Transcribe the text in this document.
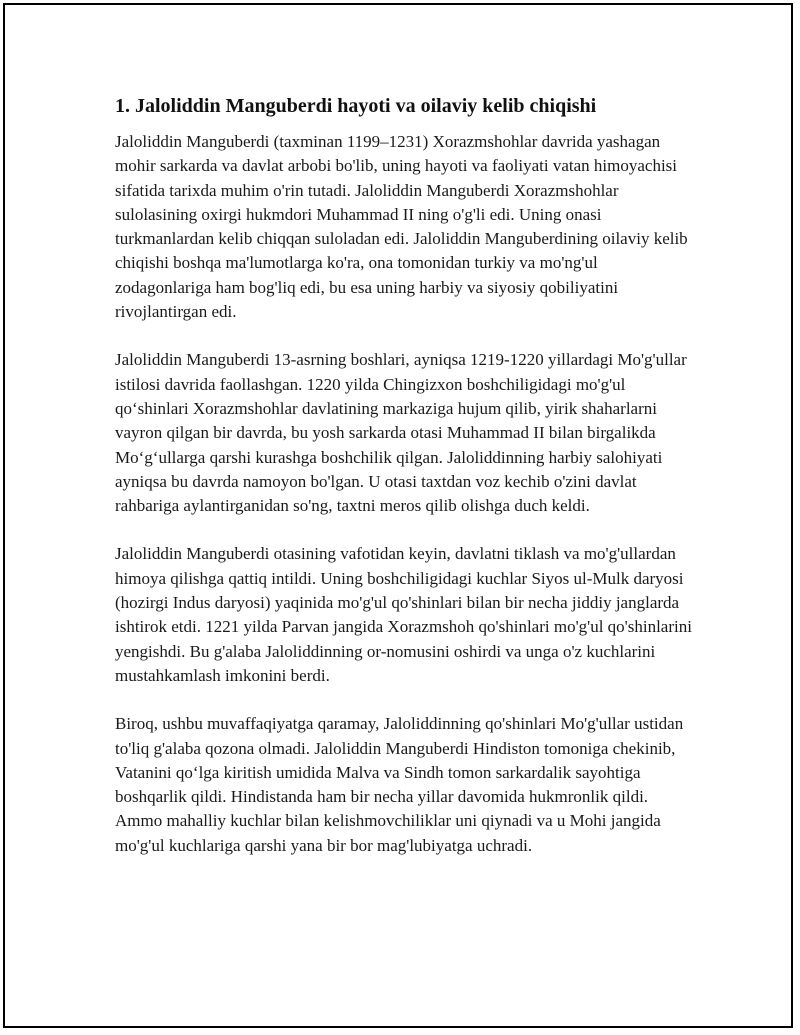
1. Jaloliddin Manguberdi hayoti va oilaviy kelib chiqishi

Jaloliddin Manguberdi (taxminan 1199–1231) Xorazmshohlar davrida yashagan mohir sarkarda va davlat arbobi bo'lib, uning hayoti va faoliyati vatan himoyachisi sifatida tarixda muhim o'rin tutadi. Jaloliddin Manguberdi Xorazmshohlar sulolasining oxirgi hukmdori Muhammad II ning o'g'li edi. Uning onasi turkmanlardan kelib chiqqan suloladan edi. Jaloliddin Manguberdining oilaviy kelib chiqishi boshqa ma'lumotlarga ko'ra, ona tomonidan turkiy va mo'ng'ul zodagonlariga ham bog'liq edi, bu esa uning harbiy va siyosiy qobiliyatini rivojlantirgan edi.

Jaloliddin Manguberdi 13-asrning boshlari, ayniqsa 1219-1220 yillardagi Mo'g'ullar istilosi davrida faollashgan. 1220 yilda Chingizxon boshchiligidagi mo'g'ul qo‘shinlari Xorazmshohlar davlatining markaziga hujum qilib, yirik shaharlarni vayron qilgan bir davrda, bu yosh sarkarda otasi Muhammad II bilan birgalikda Mo‘g‘ullarga qarshi kurashga boshchilik qilgan. Jaloliddinning harbiy salohiyati ayniqsa bu davrda namoyon bo'lgan. U otasi taxtdan voz kechib o'zini davlat rahbariga aylantirganidan so'ng, taxtni meros qilib olishga duch keldi.

Jaloliddin Manguberdi otasining vafotidan keyin, davlatni tiklash va mo'g'ullardan himoya qilishga qattiq intildi. Uning boshchiligidagi kuchlar Siyos ul-Mulk daryosi (hozirgi Indus daryosi) yaqinida mo'g'ul qo'shinlari bilan bir necha jiddiy janglarda ishtirok etdi. 1221 yilda Parvan jangida Xorazmshoh qo'shinlari mo'g'ul qo'shinlarini yengishdi. Bu g'alaba Jaloliddinning or-nomusini oshirdi va unga o'z kuchlarini mustahkamlash imkonini berdi.

Biroq, ushbu muvaffaqiyatga qaramay, Jaloliddinning qo'shinlari Mo'g'ullar ustidan to'liq g'alaba qozona olmadi. Jaloliddin Manguberdi Hindiston tomoniga chekinib, Vatanini qo‘lga kiritish umidida Malva va Sindh tomon sarkardalik sayohtiga boshqarlik qildi. Hindistanda ham bir necha yillar davomida hukmronlik qildi. Ammo mahalliy kuchlar bilan kelishmovchiliklar uni qiynadi va u Mohi jangida mo'g'ul kuchlariga qarshi yana bir bor mag'lubiyatga uchradi.
